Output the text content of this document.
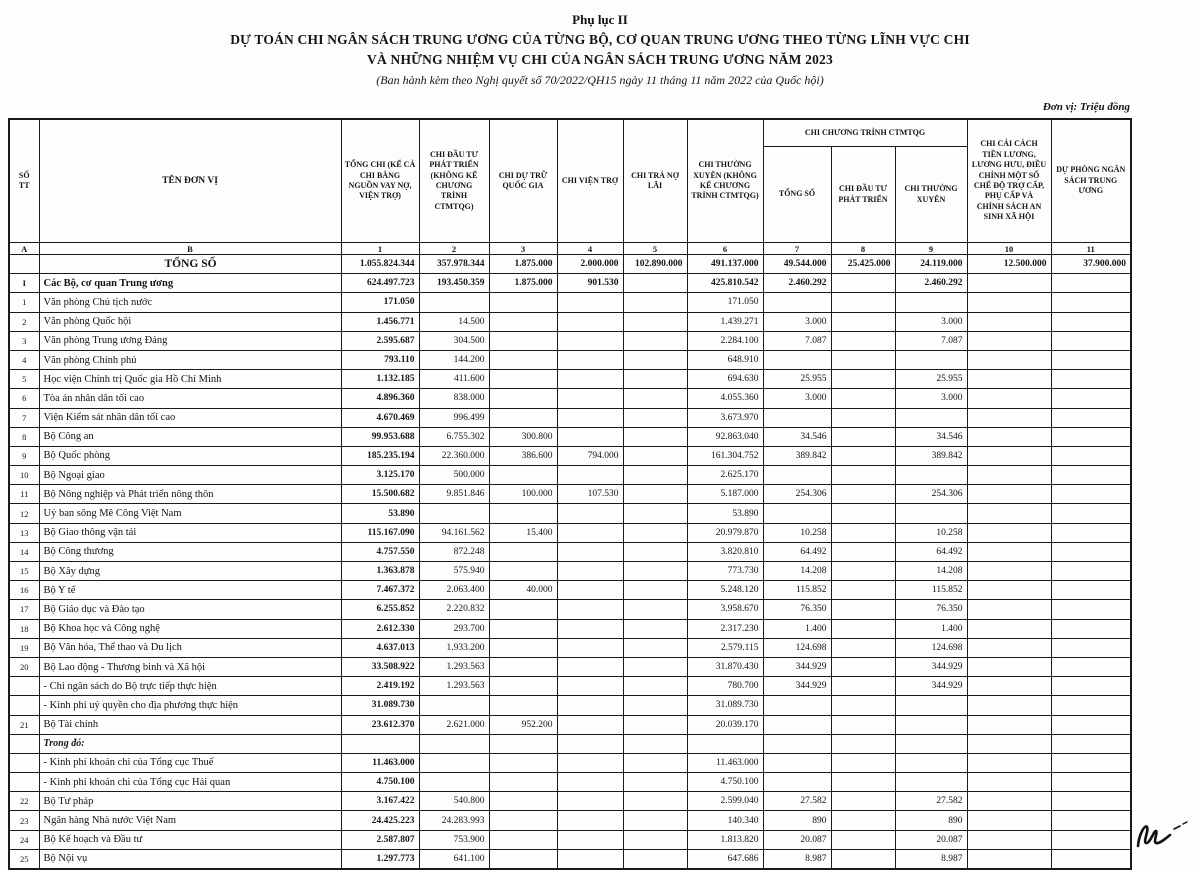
Phụ lục II
DỰ TOÁN CHI NGÂN SÁCH TRUNG ƯƠNG CỦA TỪNG BỘ, CƠ QUAN TRUNG ƯƠNG THEO TỪNG LĨNH VỰC CHI
VÀ NHỮNG NHIỆM VỤ CHI CỦA NGÂN SÁCH TRUNG ƯƠNG NĂM 2023
(Ban hành kèm theo Nghị quyết số 70/2022/QH15 ngày 11 tháng 11 năm 2022 của Quốc hội)
Đơn vị: Triệu đồng
SỐ TT	TÊN ĐƠN VỊ	TỔNG CHI (KỂ CẢ CHI BẰNG NGUỒN VAY NỢ, VIỆN TRỢ)	CHI ĐẦU TƯ PHÁT TRIỂN (KHÔNG KỂ CHƯƠNG TRÌNH CTMTQG)	CHI DỰ TRỮ QUỐC GIA	CHI VIỆN TRỢ	CHI TRẢ NỢ LÃI	CHI THƯỜNG XUYÊN (KHÔNG KỂ CHƯƠNG TRÌNH CTMTQG)	CHI CHƯƠNG TRÌNH CTMTQG			CHI CẢI CÁCH TIỀN LƯƠNG, LƯƠNG HƯU, ĐIỀU CHỈNH MỘT SỐ CHẾ ĐỘ TRỢ CẤP, PHỤ CẤP VÀ CHÍNH SÁCH AN SINH XÃ HỘI	DỰ PHÒNG NGÂN SÁCH TRUNG ƯƠNG
								TỔNG SỐ	CHI ĐẦU TƯ PHÁT TRIỂN	CHI THƯỜNG XUYÊN		
A	B	1	2	3	4	5	6	7	8	9	10	11
	TỔNG SỐ	1.055.824.344	357.978.344	1.875.000	2.000.000	102.890.000	491.137.000	49.544.000	25.425.000	24.119.000	12.500.000	37.900.000
I	Các Bộ, cơ quan Trung ương	624.497.723	193.450.359	1.875.000	901.530		425.810.542	2.460.292		2.460.292		
1	Văn phòng Chủ tịch nước	171.050					171.050					
2	Văn phòng Quốc hội	1.456.771	14.500				1.439.271	3.000		3.000		
3	Văn phòng Trung ương Đảng	2.595.687	304.500				2.284.100	7.087		7.087		
4	Văn phòng Chính phủ	793.110	144.200				648.910					
5	Học viện Chính trị Quốc gia Hồ Chí Minh	1.132.185	411.600				694.630	25.955		25.955		
6	Tòa án nhân dân tối cao	4.896.360	838.000				4.055.360	3.000		3.000		
7	Viện Kiểm sát nhân dân tối cao	4.670.469	996.499				3.673.970					
8	Bộ Công an	99.953.688	6.755.302	300.800			92.863.040	34.546		34.546		
9	Bộ Quốc phòng	185.235.194	22.360.000	386.600	794.000		161.304.752	389.842		389.842		
10	Bộ Ngoại giao	3.125.170	500.000				2.625.170					
11	Bộ Nông nghiệp và Phát triển nông thôn	15.500.682	9.851.846	100.000	107.530		5.187.000	254.306		254.306		
12	Uỷ ban sông Mê Công Việt Nam	53.890					53.890					
13	Bộ Giao thông vận tải	115.167.090	94.161.562	15.400			20.979.870	10.258		10.258		
14	Bộ Công thương	4.757.550	872.248				3.820.810	64.492		64.492		
15	Bộ Xây dựng	1.363.878	575.940				773.730	14.208		14.208		
16	Bộ Y tế	7.467.372	2.063.400	40.000			5.248.120	115.852		115.852		
17	Bộ Giáo dục và Đào tạo	6.255.852	2.220.832				3.958.670	76.350		76.350		
18	Bộ Khoa học và Công nghệ	2.612.330	293.700				2.317.230	1.400		1.400		
19	Bộ Văn hóa, Thể thao và Du lịch	4.637.013	1.933.200				2.579.115	124.698		124.698		
20	Bộ Lao động - Thương binh và Xã hội	33.508.922	1.293.563				31.870.430	344.929		344.929		
	- Chi ngân sách do Bộ trực tiếp thực hiện	2.419.192	1.293.563				780.700	344.929		344.929		
	- Kinh phí uỷ quyền cho địa phương thực hiện	31.089.730					31.089.730					
21	Bộ Tài chính	23.612.370	2.621.000	952.200			20.039.170					
	Trong đó:											
	- Kinh phí khoán chi của Tổng cục Thuế	11.463.000					11.463.000					
	- Kinh phí khoán chi của Tổng cục Hải quan	4.750.100					4.750.100					
22	Bộ Tư pháp	3.167.422	540.800				2.599.040	27.582		27.582		
23	Ngân hàng Nhà nước Việt Nam	24.425.223	24.283.993				140.340	890		890		
24	Bộ Kế hoạch và Đầu tư	2.587.807	753.900				1.813.820	20.087		20.087		
25	Bộ Nội vụ	1.297.773	641.100				647.686	8.987		8.987		
